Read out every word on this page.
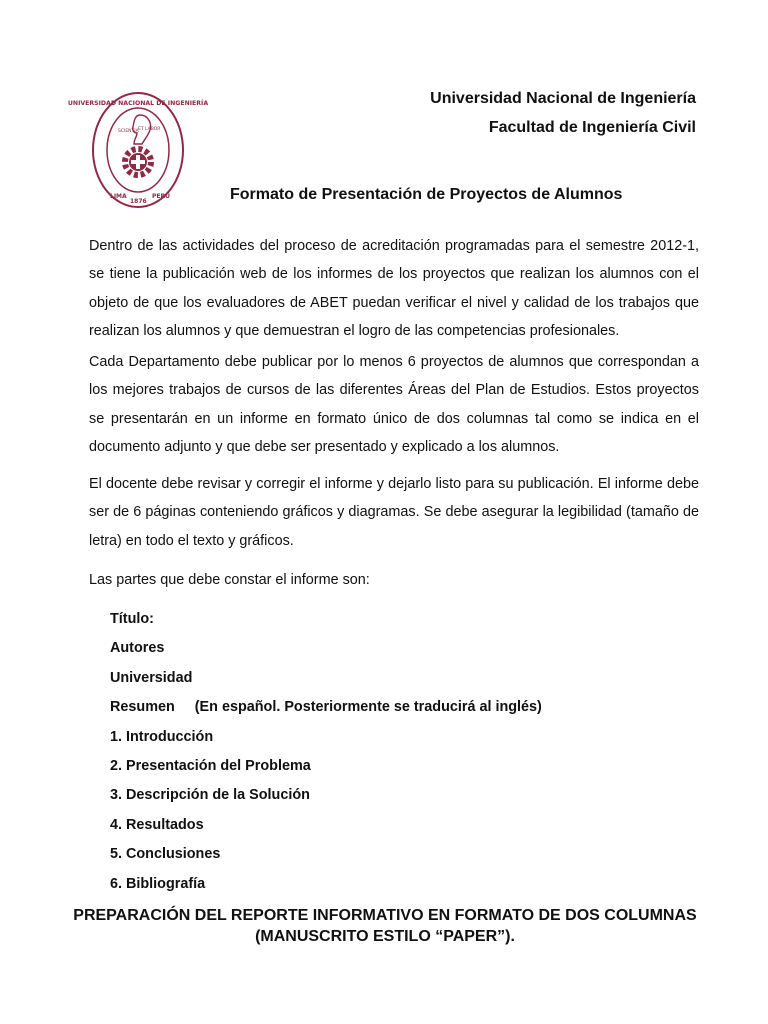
UNIVERSIDAD NACIONAL DE INGENIERÍA
SCIENTIA ET LABOR
LIMA
1876
PERÚ
Universidad Nacional de Ingeniería
Facultad de Ingeniería Civil
Formato de Presentación de Proyectos de Alumnos

Dentro de las actividades del proceso de acreditación programadas para el semestre 2012-1, se tiene la publicación web de los informes de los proyectos que realizan los alumnos con el objeto de que los evaluadores de ABET puedan verificar el nivel y calidad de los trabajos que realizan los alumnos y que demuestran el logro de las competencias profesionales.

Cada Departamento debe publicar por lo menos 6 proyectos de alumnos que correspondan a los mejores trabajos de cursos de las diferentes Áreas del Plan de Estudios. Estos proyectos se presentarán en un informe en formato único de dos columnas tal como se indica en el documento adjunto y que debe ser presentado y explicado a los alumnos.

El docente debe revisar y corregir el informe y dejarlo listo para su publicación. El informe debe ser de 6 páginas conteniendo gráficos y diagramas. Se debe asegurar la legibilidad (tamaño de letra) en todo el texto y gráficos.

Las partes que debe constar el informe son:

Título:
Autores
Universidad
Resumen     (En español. Posteriormente se traducirá al inglés)
1. Introducción
2. Presentación del Problema
3. Descripción de la Solución
4. Resultados
5. Conclusiones
6. Bibliografía
PREPARACIÓN DEL REPORTE INFORMATIVO EN FORMATO DE DOS COLUMNAS (MANUSCRITO ESTILO “PAPER”).
